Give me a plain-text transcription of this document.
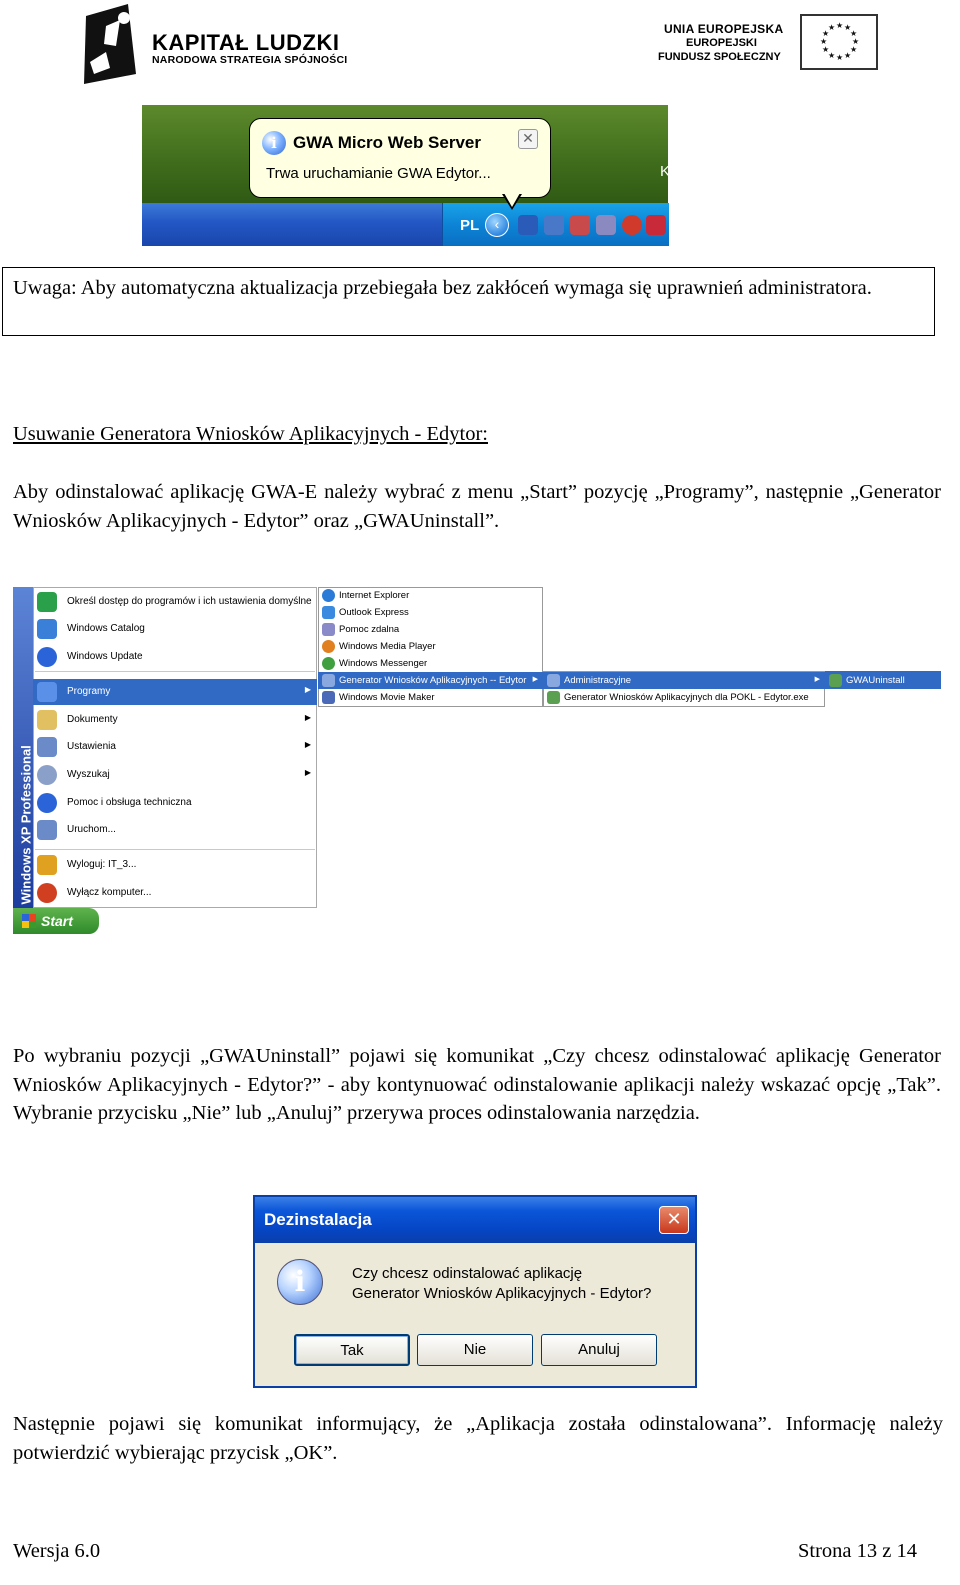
KAPITAŁ LUDZKI
NARODOWA STRATEGIA SPÓJNOŚCI
UNIA EUROPEJSKA
EUROPEJSKI
FUNDUSZ SPOŁECZNY
★ ★
★
★
★
★
★
★
★
★
★
★
i GWA Micro Web Server
Trwa uruchamianie GWA Edytor...
✕
PL	‹
K
Uwaga: Aby automatyczna aktualizacja przebiegała bez zakłóceń wymaga się uprawnień administratora.
Usuwanie Generatora Wniosków Aplikacyjnych - Edytor:
Aby odinstalować aplikację GWA-E należy wybrać z menu „Start” pozycję „Programy”, następnie „Generator Wniosków Aplikacyjnych - Edytor” oraz „GWAUninstall”.
Windows XP Professional
Określ dostęp do programów i ich ustawienia domyślne
Windows Catalog
Windows Update
Programy	▶
Dokumenty	▶
Ustawienia	▶
Wyszukaj	▶
Pomoc i obsługa techniczna
Uruchom...
Wyloguj: IT_3...
Wyłącz komputer...
Internet Explorer
Outlook Express
Pomoc zdalna
Windows Media Player
Windows Messenger
Generator Wniosków Aplikacyjnych -- Edytor ▶
Windows Movie Maker
Administracyjne	▶
Generator Wniosków Aplikacyjnych dla POKL - Edytor.exe
GWAUninstall
Start
Po wybraniu pozycji „GWAUninstall” pojawi się komunikat „Czy chcesz odinstalować aplikację Generator Wniosków Aplikacyjnych - Edytor?” - aby kontynuować odinstalowanie aplikacji należy wskazać opcję „Tak”. Wybranie przycisku „Nie” lub „Anuluj” przerywa proces odinstalowania narzędzia.
Dezinstalacja	✕
i	Czy chcesz odinstalować aplikację
Generator Wniosków Aplikacyjnych - Edytor?
Tak	Nie	Anuluj
Następnie pojawi się komunikat informujący, że „Aplikacja została odinstalowana”. Informację należy potwierdzić wybierając przycisk „OK”.
Wersja 6.0	Strona 13 z 14
